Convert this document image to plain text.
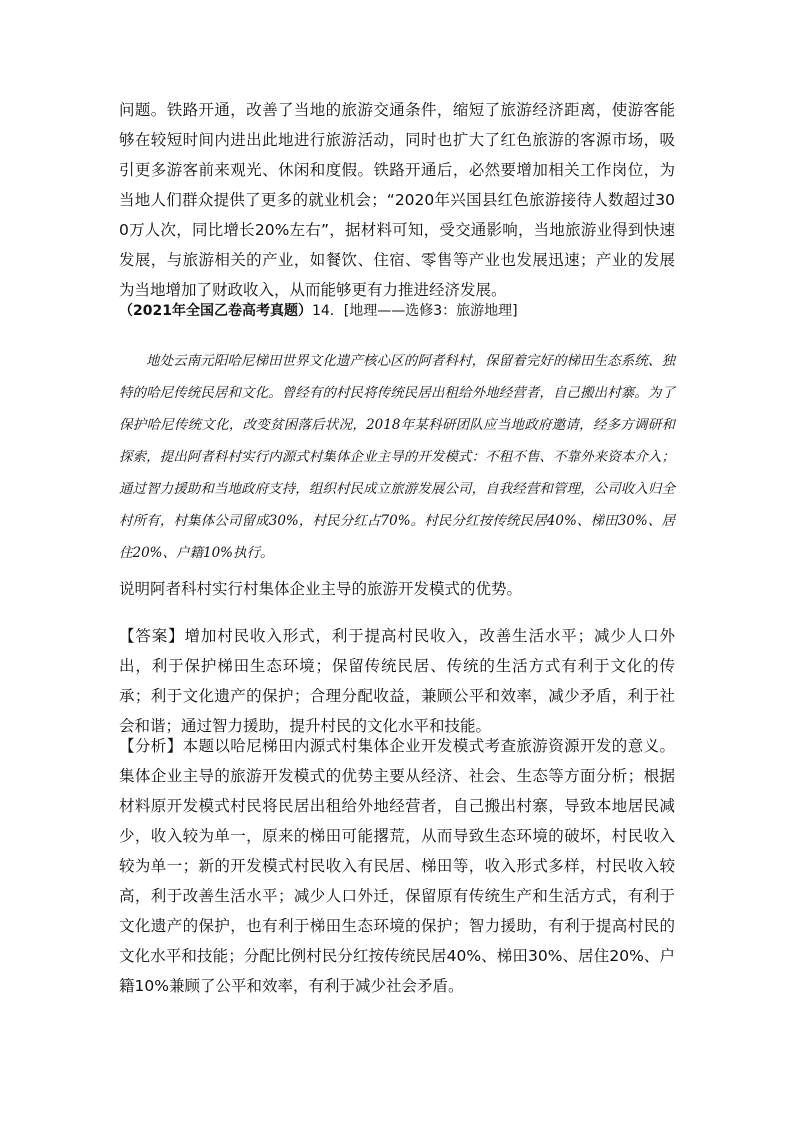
问题。铁路开通，改善了当地的旅游交通条件，缩短了旅游经济距离，使游客能够在较短时间内进出此地进行旅游活动，同时也扩大了红色旅游的客源市场，吸引更多游客前来观光、休闲和度假。铁路开通后，必然要增加相关工作岗位，为当地人们群众提供了更多的就业机会；“2020年兴国县红色旅游接待人数超过300万人次，同比增长20%左右”，据材料可知，受交通影响，当地旅游业得到快速发展，与旅游相关的产业，如餐饮、住宿、零售等产业也发展迅速；产业的发展为当地增加了财政收入，从而能够更有力推进经济发展。
（2021年全国乙卷高考真题）14．[地理——选修3：旅游地理]
地处云南元阳哈尼梯田世界文化遗产核心区的阿者科村，保留着完好的梯田生态系统、独特的哈尼传统民居和文化。曾经有的村民将传统民居出租给外地经营者，自己搬出村寨。为了保护哈尼传统文化，改变贫困落后状况，2018年某科研团队应当地政府邀请，经多方调研和探索，提出阿者科村实行内源式村集体企业主导的开发模式：不租不售、不靠外来资本介入；通过智力援助和当地政府支持，组织村民成立旅游发展公司，自我经营和管理，公司收入归全村所有，村集体公司留成30%，村民分红占70%。村民分红按传统民居40%、梯田30%、居住20%、户籍10%执行。
说明阿者科村实行村集体企业主导的旅游开发模式的优势。
【答案】增加村民收入形式，利于提高村民收入，改善生活水平；减少人口外出，利于保护梯田生态环境；保留传统民居、传统的生活方式有利于文化的传承；利于文化遗产的保护；合理分配收益，兼顾公平和效率，减少矛盾，利于社会和谐；通过智力援助，提升村民的文化水平和技能。
【分析】本题以哈尼梯田内源式村集体企业开发模式考查旅游资源开发的意义。集体企业主导的旅游开发模式的优势主要从经济、社会、生态等方面分析；根据材料原开发模式村民将民居出租给外地经营者，自己搬出村寨，导致本地居民减少，收入较为单一，原来的梯田可能撂荒，从而导致生态环境的破坏，村民收入较为单一；新的开发模式村民收入有民居、梯田等，收入形式多样，村民收入较高，利于改善生活水平；减少人口外迁，保留原有传统生产和生活方式，有利于文化遗产的保护，也有利于梯田生态环境的保护；智力援助，有利于提高村民的文化水平和技能；分配比例村民分红按传统民居40%、梯田30%、居住20%、户籍10%兼顾了公平和效率，有利于减少社会矛盾。
